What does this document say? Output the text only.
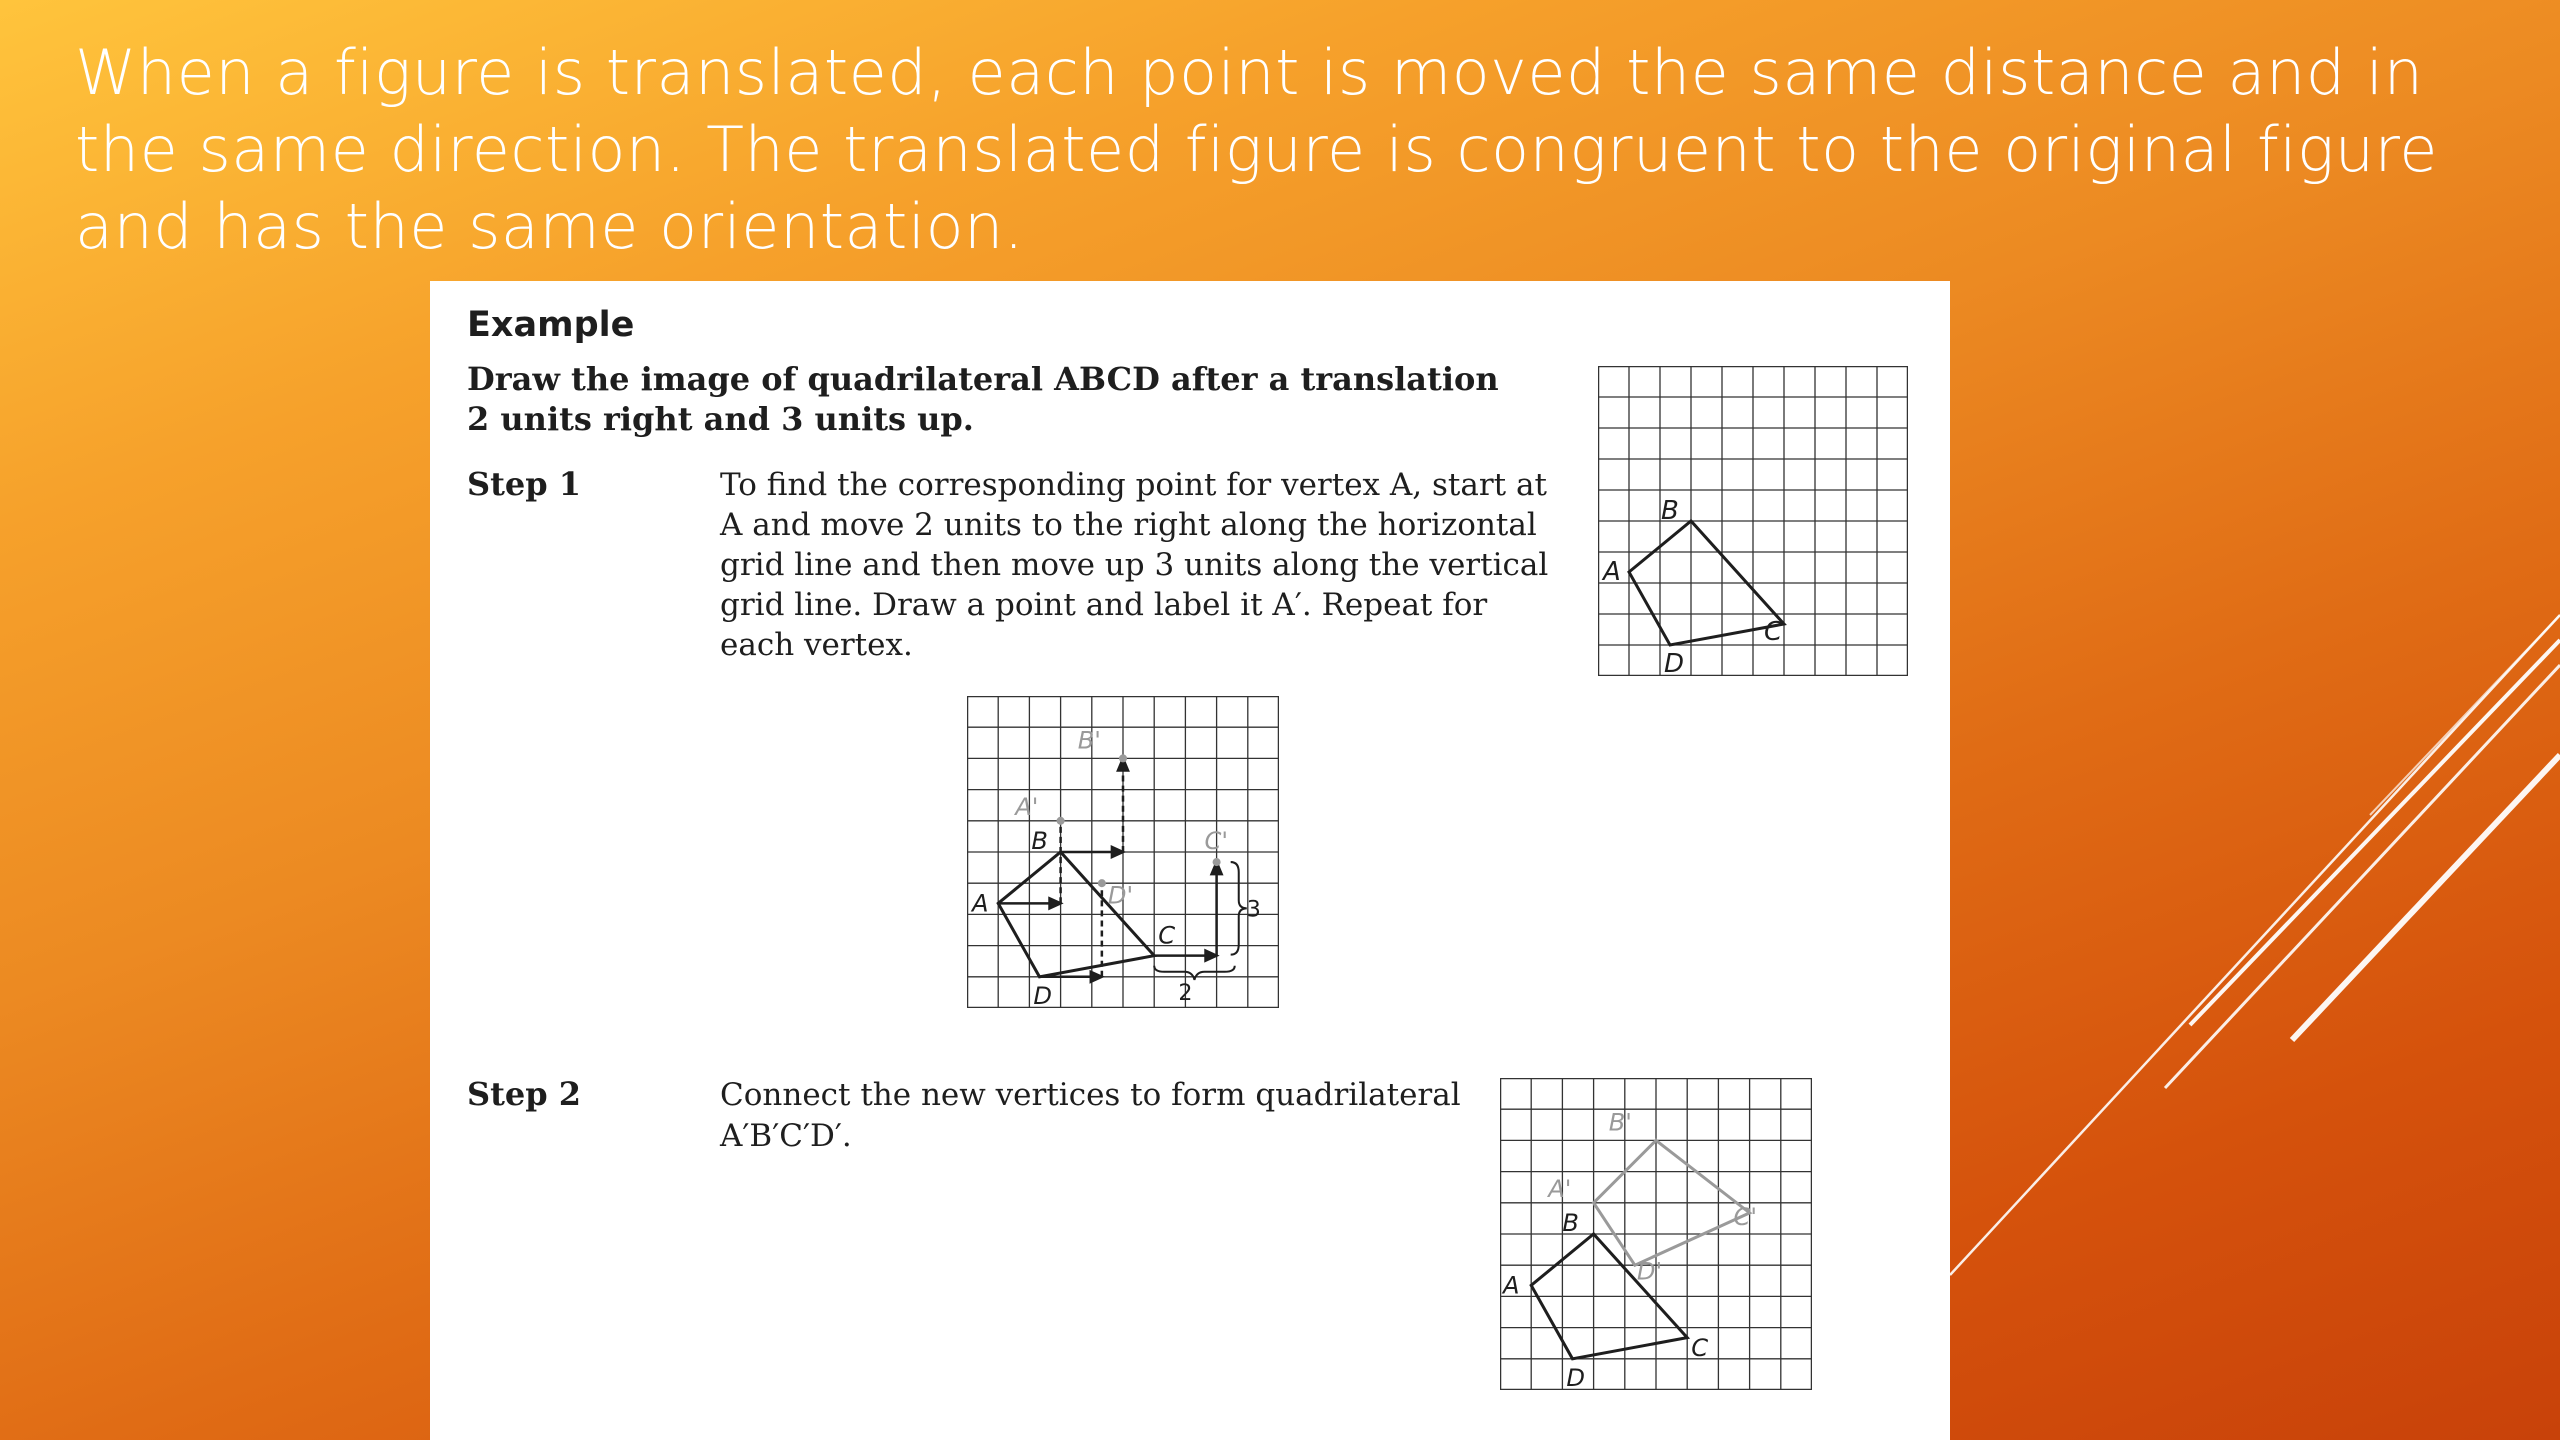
When a figure is translated, each point is moved the same distance and in the same direction. The translated figure is congruent to the original figure and has the same orientation.
Example
Draw the image of quadrilateral ABCD after a translation 2 units right and 3 units up.
Step 1	To find the corresponding point for vertex A, start at A and move 2 units to the right along the horizontal grid line and then move up 3 units along the vertical grid line. Draw a point and label it A′. Repeat for each vertex.
Step 2	Connect the new vertices to form quadrilateral A′B′C′D′.
A
B
C
D
3
2
A
B
C
D
A'
B'
C'
D'
A
B
C
D
A'
B'
C'
D'
